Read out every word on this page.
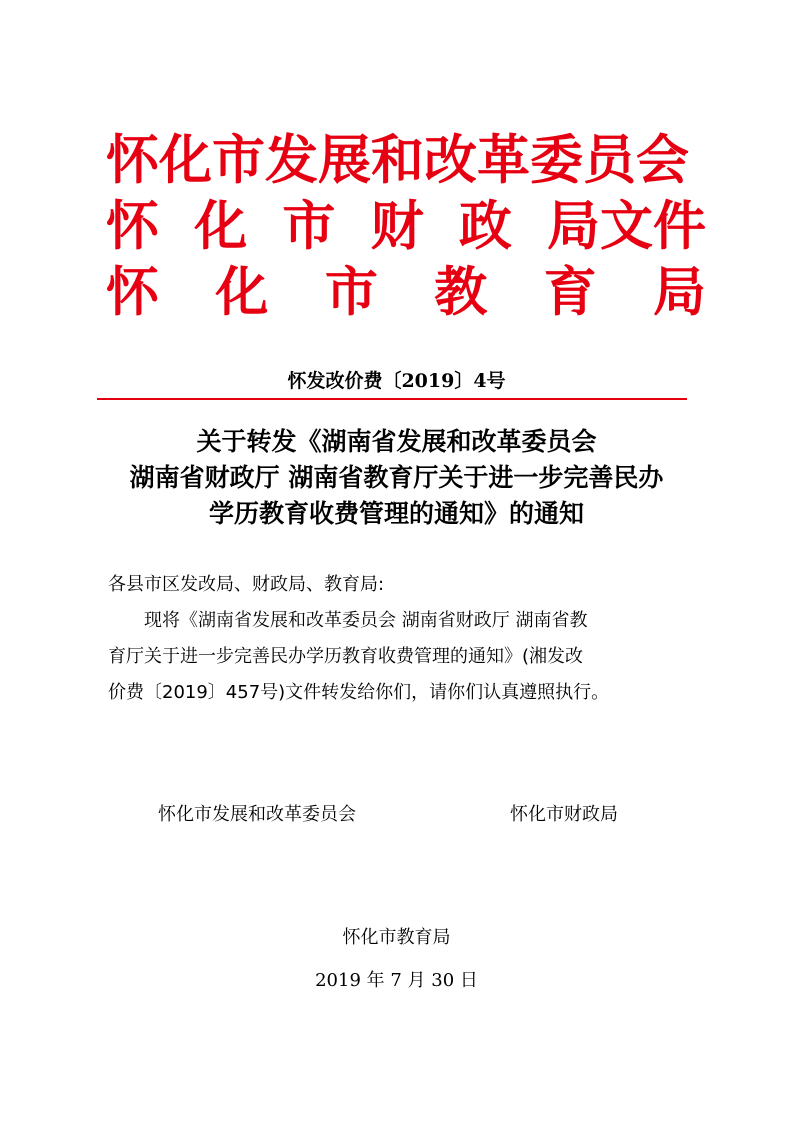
怀化市发展和改革委员会
怀 化 市 财 政 局文件
怀	化	市	教	育	局
怀发改价费〔2019〕4号
关于转发《湖南省发展和改革委员会
湖南省财政厅 湖南省教育厅关于进一步完善民办
学历教育收费管理的通知》的通知
各县市区发改局、财政局、教育局:
现将《湖南省发展和改革委员会 湖南省财政厅 湖南省教
育厅关于进一步完善民办学历教育收费管理的通知》(湘发改
价费〔2019〕457号)文件转发给你们，请你们认真遵照执行。
怀化市发展和改革委员会	怀化市财政局
怀化市教育局
2019 年 7 月 30 日
